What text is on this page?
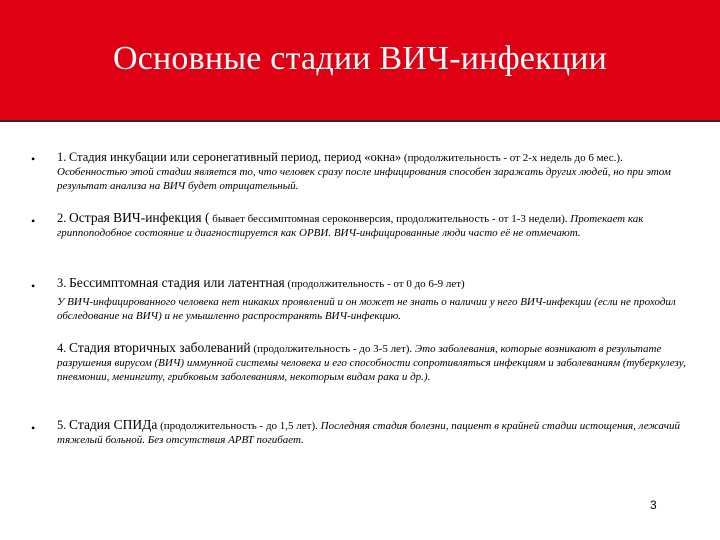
Основные стадии ВИЧ-инфекции
• 1. Стадия инкубации или серонегативный период, период «окна» (продолжительность - от 2-х недель до 6 мес.). Особенностью этой стадии является то, что человек сразу после инфицирования способен заражать других людей, но при этом результат анализа на ВИЧ будет отрицательный.
• 2. Острая ВИЧ-инфекция ( бывает бессимптомная сероконверсия, продолжительность - от 1-3 недели). Протекает как гриппоподобное состояние и диагностируется как ОРВИ. ВИЧ-инфицированные люди часто её не отмечают.
• 3. Бессимптомная стадия или латентная (продолжительность - от 0 до 6-9 лет)
У ВИЧ-инфицированного человека нет никаких проявлений и он может не знать о наличии у него ВИЧ-инфекции (если не проходил обследование на ВИЧ) и не умышленно распространять ВИЧ-инфекцию.
4. Стадия вторичных заболеваний (продолжительность - до 3-5 лет). Это заболевания, которые возникают в результате разрушения вирусом (ВИЧ) иммунной системы человека и его способности сопротивляться инфекциям и заболеваниям (туберкулезу, пневмонии, менингиту, грибковым заболеваниям, некоторым видам рака и др.).
• 5. Стадия СПИДа (продолжительность - до 1,5 лет). Последняя стадия болезни, пациент в крайней стадии истощения, лежачий тяжелый больной. Без отсутствия АРВТ погибает.
3
